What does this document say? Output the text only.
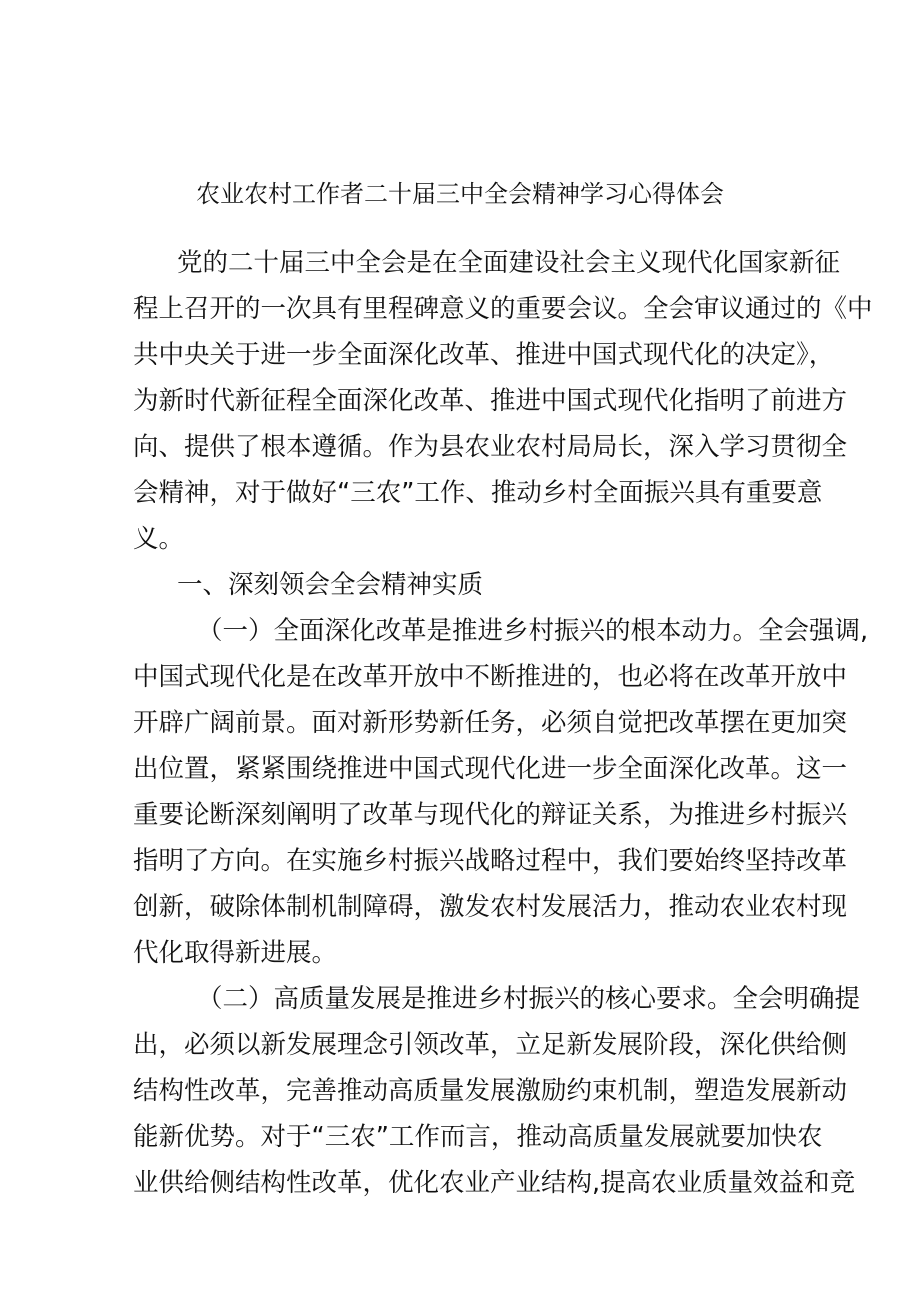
农业农村工作者二十届三中全会精神学习心得体会
党的二十届三中全会是在全面建设社会主义现代化国家新征
程上召开的一次具有里程碑意义的重要会议。全会审议通过的《中
共中央关于进一步全面深化改革、推进中国式现代化的决定》，
为新时代新征程全面深化改革、推进中国式现代化指明了前进方
向、提供了根本遵循。作为县农业农村局局长，深入学习贯彻全
会精神，对于做好“三农”工作、推动乡村全面振兴具有重要意
义。
一、深刻领会全会精神实质
（一）全面深化改革是推进乡村振兴的根本动力。全会强调,
中国式现代化是在改革开放中不断推进的，也必将在改革开放中
开辟广阔前景。面对新形势新任务，必须自觉把改革摆在更加突
出位置，紧紧围绕推进中国式现代化进一步全面深化改革。这一
重要论断深刻阐明了改革与现代化的辩证关系，为推进乡村振兴
指明了方向。在实施乡村振兴战略过程中，我们要始终坚持改革
创新，破除体制机制障碍，激发农村发展活力，推动农业农村现
代化取得新进展。
（二）高质量发展是推进乡村振兴的核心要求。全会明确提
出，必须以新发展理念引领改革，立足新发展阶段，深化供给侧
结构性改革，完善推动高质量发展激励约束机制，塑造发展新动
能新优势。对于“三农”工作而言，推动高质量发展就要加快农
业供给侧结构性改革，优化农业产业结构,提高农业质量效益和竞
